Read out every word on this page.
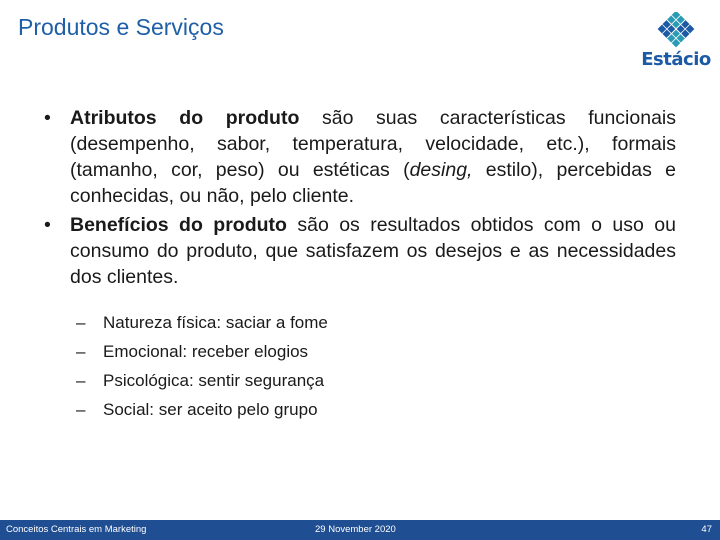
Produtos e Serviços
Estácio

• Atributos do produto são suas características funcionais (desempenho, sabor, temperatura, velocidade, etc.), formais (tamanho, cor, peso) ou estéticas (desing, estilo), percebidas e conhecidas, ou não, pelo cliente.

• Benefícios do produto são os resultados obtidos com o uso ou consumo do produto, que satisfazem os desejos e as necessidades dos clientes.

– Natureza física: saciar a fome
– Emocional: receber elogios
– Psicológica: sentir segurança
– Social: ser aceito pelo grupo
Conceitos Centrais em Marketing	29 November 2020	47
